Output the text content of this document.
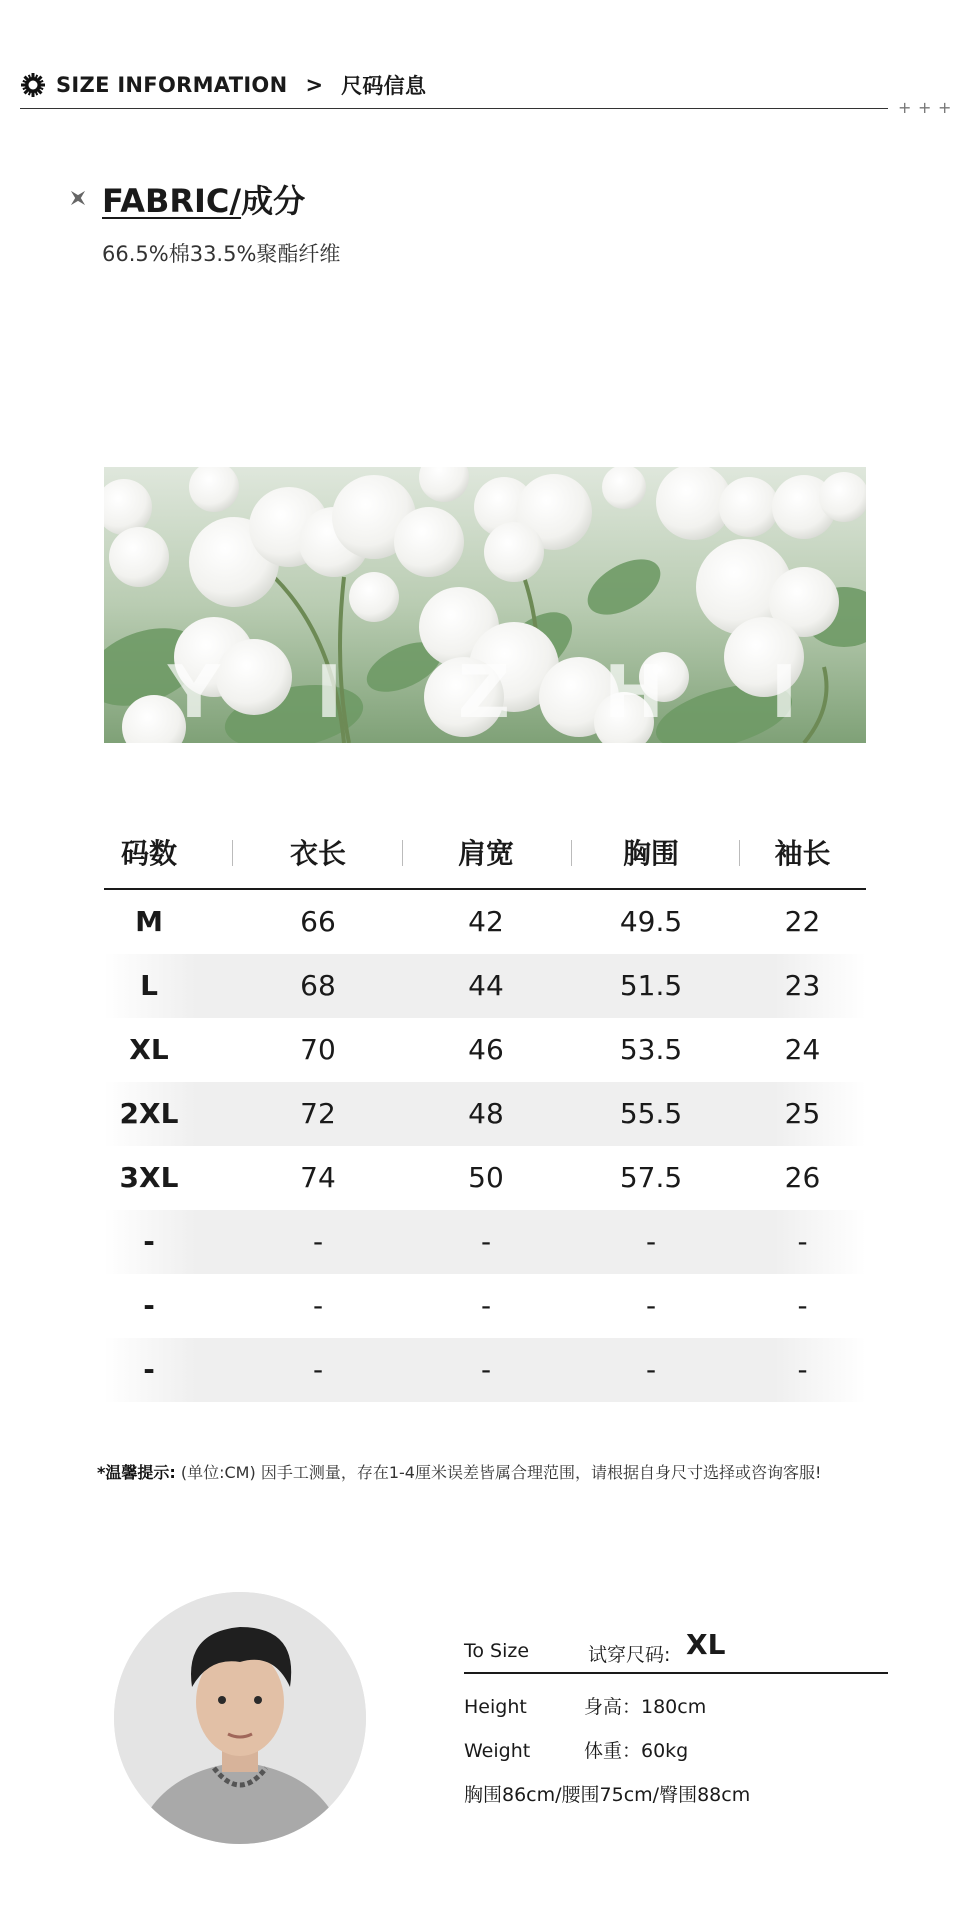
SIZE INFORMATION > 尺码信息
+ + +
FABRIC/成分
66.5%棉33.5%聚酯纤维
Y I Z H I
码数	衣长	肩宽	胸围	袖长
M	66	42	49.5	22
L	68	44	51.5	23
XL	70	46	53.5	24
2XL	72	48	55.5	25
3XL	74	50	57.5	26
-	-	-	-	-
-	-	-	-	-
-	-	-	-	-
*温馨提示: (单位:CM) 因手工测量，存在1-4厘米误差皆属合理范围，请根据自身尺寸选择或咨询客服!
To Size	试穿尺码: XL
Height	身高：180cm
Weight	体重：60kg
胸围86cm/腰围75cm/臀围88cm
